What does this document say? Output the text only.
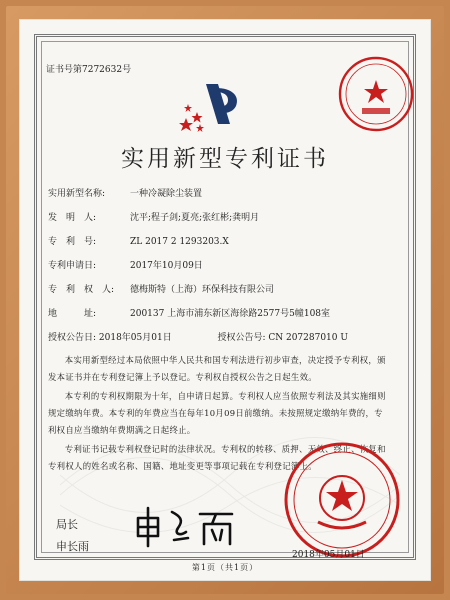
证书号第7272632号
实用新型专利证书
实用新型名称:	一种冷凝除尘装置
发　明　人:	沈平;程子剑;夏亮;张红彬;龚明月
专　利　号:	ZL 2017 2 1293203.X
专利申请日:	2017年10月09日
专　利　权　人: 德梅斯特（上海）环保科技有限公司
地　　　址:	200137 上海市浦东新区海徐路2577号5幢108室
授权公告日: 2018年05月01日	授权公告号: CN 207287010 U
本实用新型经过本局依照中华人民共和国专利法进行初步审查，决定授予专利权，颁发本证书并在专利登记簿上予以登记。专利权自授权公告之日起生效。
本专利的专利权期限为十年，自申请日起算。专利权人应当依照专利法及其实施细则规定缴纳年费。本专利的年费应当在每年10月09日前缴纳。未按照规定缴纳年费的，专利权自应当缴纳年费期满之日起终止。
专利证书记载专利权登记时的法律状况。专利权的转移、质押、无效、终止、恢复和专利权人的姓名或名称、国籍、地址变更等事项记载在专利登记簿上。
局长
申长雨
2018年05月01日
第1页（共1页）
